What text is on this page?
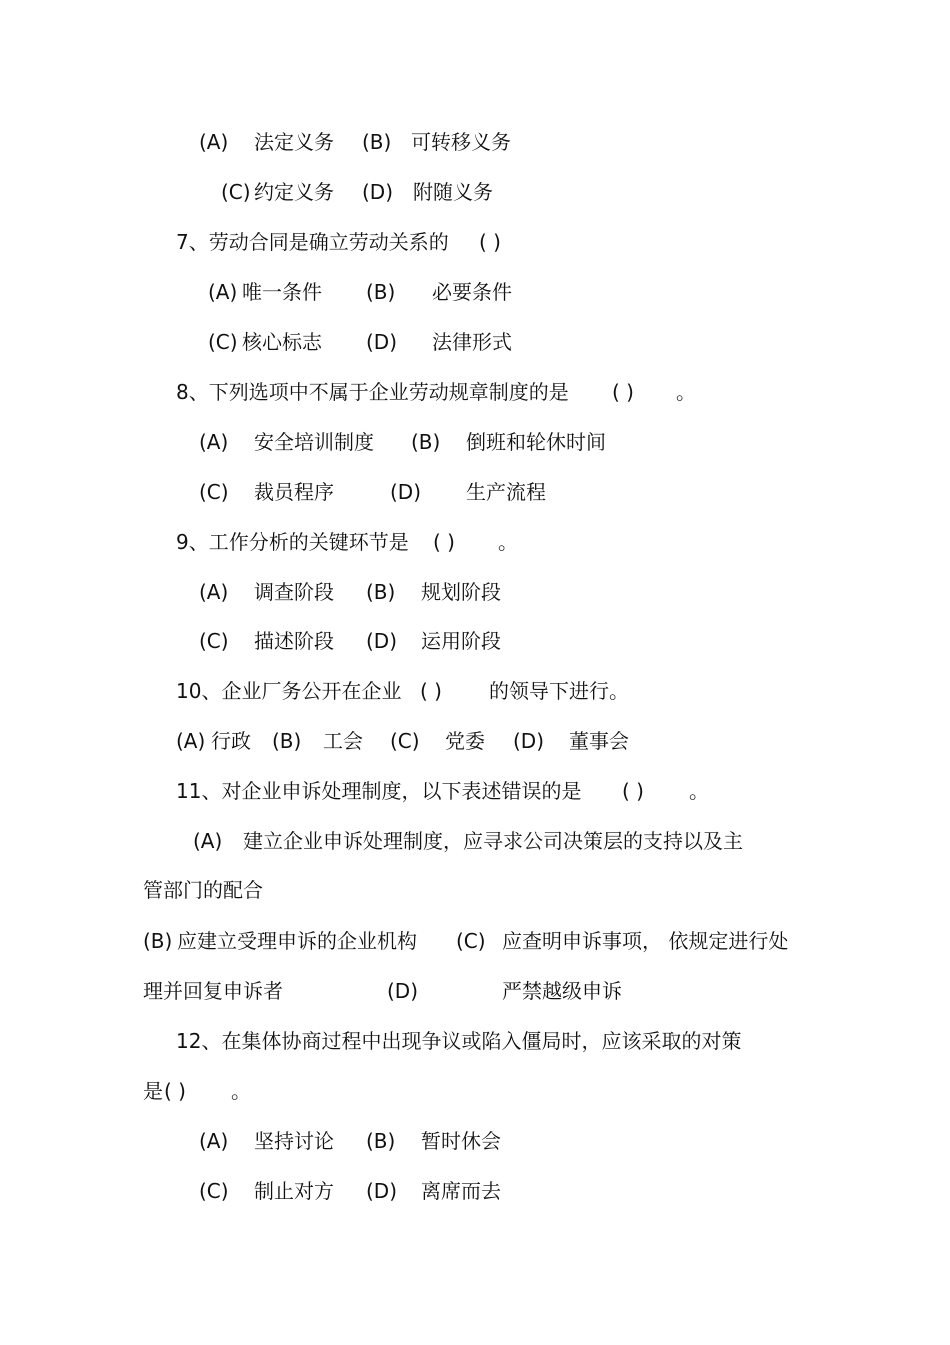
(A) 法定义务 (B) 可转移义务
(C) 约定义务 (D) 附随义务
7、劳动合同是确立劳动关系的 ( )
(A) 唯一条件 (B) 必要条件
(C) 核心标志 (D) 法律形式
8、下列选项中不属于企业劳动规章制度的是 ( ) 。
(A) 安全培训制度 (B) 倒班和轮休时间
(C) 裁员程序	(D) 生产流程
9、工作分析的关键环节是 ( ) 。
(A) 调查阶段 (B) 规划阶段
(C) 描述阶段 (D) 运用阶段
10、企业厂务公开在企业 ( ) 的领导下进行。
(A) 行政 (B) 工会 (C) 党委 (D) 董事会
11、对企业申诉处理制度，以下表述错误的是 ( ) 。
(A) 建立企业申诉处理制度，应寻求公司决策层的支持以及主
管部门的配合
(B) 应建立受理申诉的企业机构 (C) 应查明申诉事项， 依规定进行处
理并回复申诉者	(D)	严禁越级申诉
12、在集体协商过程中出现争议或陷入僵局时，应该采取的对策
是 ( ) 。
(A) 坚持讨论 (B) 暂时休会
(C) 制止对方 (D) 离席而去
